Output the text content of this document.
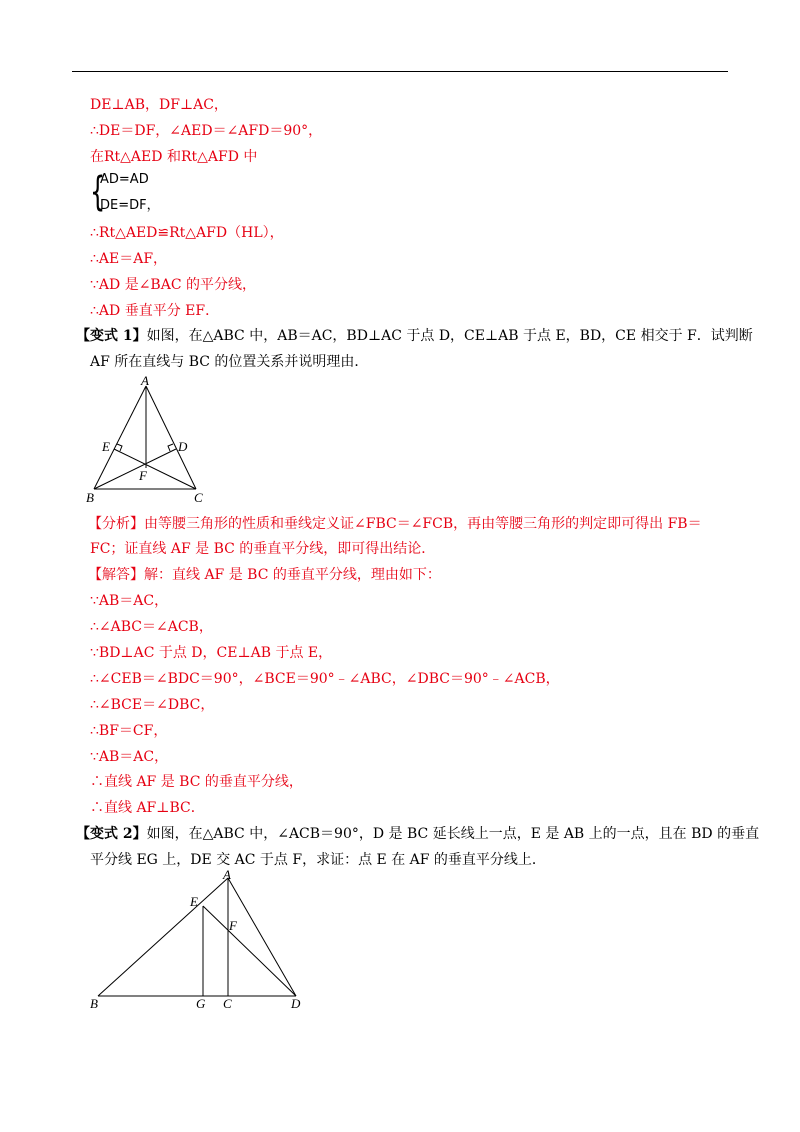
DE⊥AB，DF⊥AC，
∴DE＝DF，∠AED＝∠AFD＝90°，
在Rt△AED 和Rt△AFD 中
{
AD=AD
DE=DF，
∴Rt△AED≌Rt△AFD（HL），
∴AE＝AF，
∵AD 是∠BAC 的平分线，
∴AD 垂直平分 EF．
【变式 1】如图，在△ABC 中，AB＝AC，BD⊥AC 于点 D，CE⊥AB 于点 E，BD，CE 相交于 F．试判断
AF 所在直线与 BC 的位置关系并说明理由．
A
B	C
D
E
F
【分析】由等腰三角形的性质和垂线定义证∠FBC＝∠FCB，再由等腰三角形的判定即可得出 FB＝
FC；证直线 AF 是 BC 的垂直平分线，即可得出结论．
【解答】解：直线 AF 是 BC 的垂直平分线，理由如下：
∵AB＝AC，
∴∠ABC＝∠ACB，
∵BD⊥AC 于点 D，CE⊥AB 于点 E，
∴∠CEB＝∠BDC＝90°，∠BCE＝90°﹣∠ABC，∠DBC＝90°﹣∠ACB，
∴∠BCE＝∠DBC，
∴BF＝CF，
∵AB＝AC，
∴直线 AF 是 BC 的垂直平分线，
∴直线 AF⊥BC．
【变式 2】如图，在△ABC 中，∠ACB＝90°，D 是 BC 延长线上一点，E 是 AB 上的一点，且在 BD 的垂直
平分线 EG 上，DE 交 AC 于点 F，求证：点 E 在 AF 的垂直平分线上．
A
B	C	D
E
F
G
